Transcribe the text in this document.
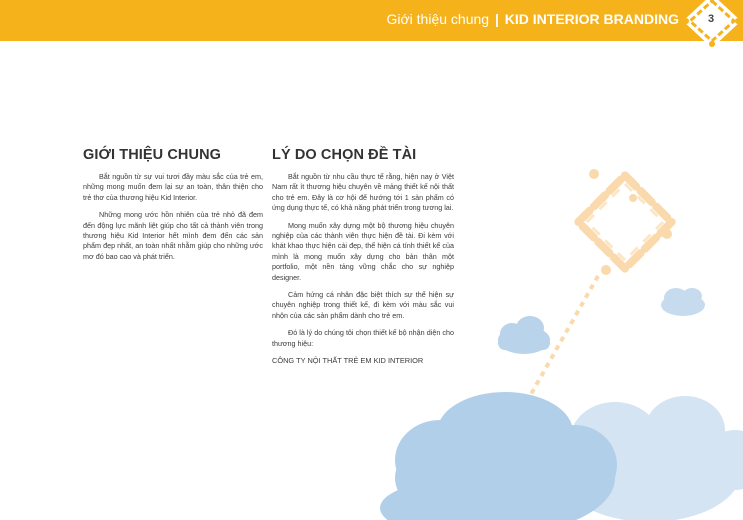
Giới thiệu chung | KID INTERIOR BRANDING	3
GIỚI THIỆU CHUNG

Bắt nguồn từ sự vui tươi đầy màu sắc của trẻ em, những mong muốn đem lại sự an toàn, thân thiện cho trẻ thơ của thương hiệu Kid Interior.

Những mong ước hồn nhiên của trẻ nhỏ đã đem đến động lực mãnh liệt giúp cho tất cả thành viên trong thương hiệu Kid Interior hết mình đem đến các sản phẩm đẹp nhất, an toàn nhất nhằm giúp cho những ước mơ đó bao cao và phát triển.

LÝ DO CHỌN ĐỀ TÀI

Bắt nguồn từ nhu cầu thực tế rằng, hiện nay ở Việt Nam rất ít thương hiệu chuyên về mảng thiết kế nội thất cho trẻ em. Đây là cơ hội để hướng tới 1 sản phẩm có ứng dụng thực tế, có khả năng phát triển trong tương lai.

Mong muốn xây dựng một bộ thương hiệu chuyên nghiệp của các thành viên thực hiện đề tài. Đi kèm với khát khao thực hiện cái đẹp, thể hiện cá tính thiết kế của mình là mong muốn xây dựng cho bản thân một portfolio, một nền tảng vững chắc cho sự nghiệp designer.

Cảm hứng cá nhân đặc biệt thích sự thể hiện sự chuyên nghiệp trong thiết kế, đi kèm với màu sắc vui nhộn của các sản phẩm dành cho trẻ em.

Đó là lý do chúng tôi chọn thiết kế bộ nhận diện cho thương hiệu:

CÔNG TY NỘI THẤT TRẺ EM KID INTERIOR
